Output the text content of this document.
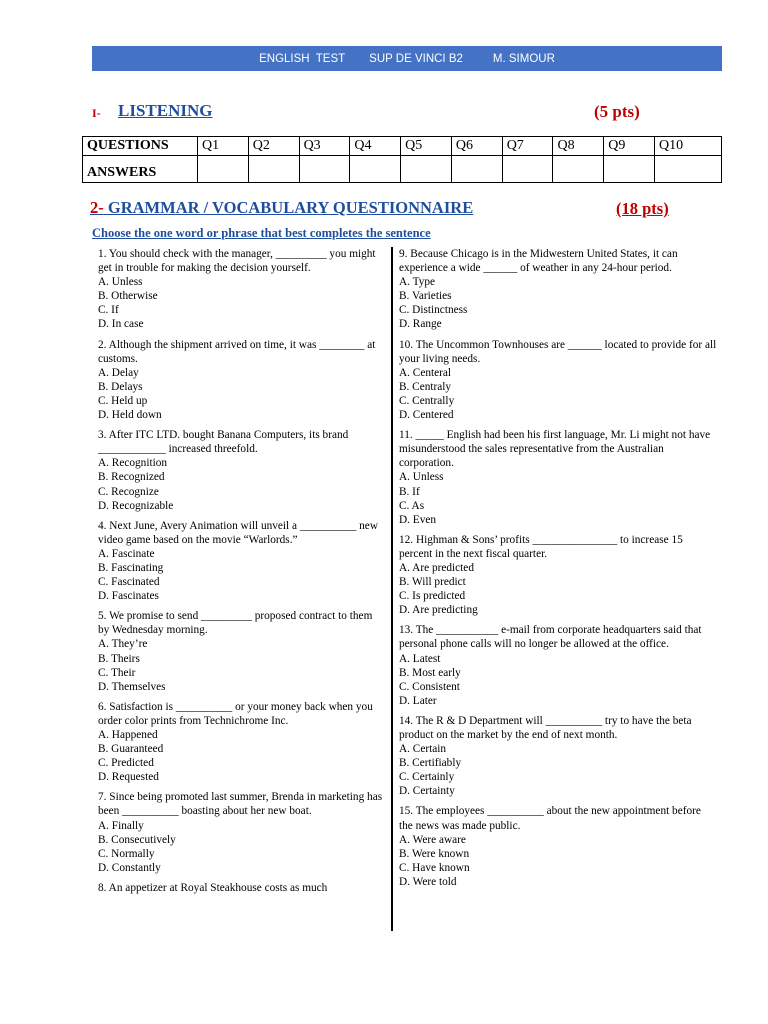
ENGLISH  TEST SUP DE VINCI B2	M. SIMOUR
I- LISTENING	(5 pts)
QUESTIONS	Q1	Q2	Q3	Q4	Q5	Q6	Q7	Q8	Q9	Q10
ANSWERS										
2- GRAMMAR / VOCABULARY QUESTIONNAIRE	(18 pts)
Choose the one word or phrase that best completes the sentence
1. You should check with the manager, _________ you might get in trouble for making the decision yourself.
A. Unless
B. Otherwise
C. If
D. In case
2. Although the shipment arrived on time, it was ________ at customs.
A. Delay
B. Delays
C. Held up
D. Held down
3. After ITC LTD. bought Banana Computers, its brand ____________ increased threefold.
A. Recognition
B. Recognized
C. Recognize
D. Recognizable
4. Next June, Avery Animation will unveil a __________ new video game based on the movie “Warlords.”
A. Fascinate
B. Fascinating
C. Fascinated
D. Fascinates
5. We promise to send _________ proposed contract to them by Wednesday morning.
A. They’re
B. Theirs
C. Their
D. Themselves
6. Satisfaction is __________ or your money back when you order color prints from Technichrome Inc.
A. Happened
B. Guaranteed
C. Predicted
D. Requested
7. Since being promoted last summer, Brenda in marketing has been __________ boasting about her new boat.
A. Finally
B. Consecutively
C. Normally
D. Constantly
8. An appetizer at Royal Steakhouse costs as much
9. Because Chicago is in the Midwestern United States, it can experience a wide ______ of weather in any 24-hour period.
A. Type
B. Varieties
C. Distinctness
D. Range
10. The Uncommon Townhouses are ______ located to provide for all your living needs.
A. Centeral
B. Centraly
C. Centrally
D. Centered
11. _____ English had been his first language, Mr. Li might not have misunderstood the sales representative from the Australian corporation.
A. Unless
B. If
C. As
D. Even
12. Highman & Sons’ profits _______________ to increase 15 percent in the next fiscal quarter.
A. Are predicted
B. Will predict
C. Is predicted
D. Are predicting
13. The ___________ e-mail from corporate headquarters said that personal phone calls will no longer be allowed at the office.
A. Latest
B. Most early
C. Consistent
D. Later
14. The R & D Department will __________ try to have the beta product on the market by the end of next month.
A. Certain
B. Certifiably
C. Certainly
D. Certainty
15. The employees __________ about the new appointment before the news was made public.
A. Were aware
B. Were known
C. Have known
D. Were told
